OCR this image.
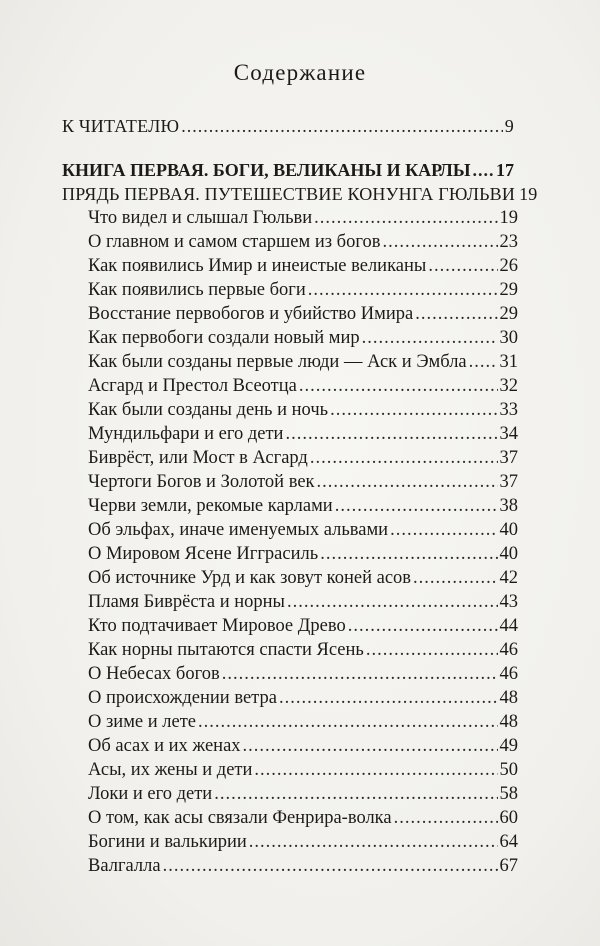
Содержание
К ЧИТАТЕЛЮ .....	9
КНИГА ПЕРВАЯ. БОГИ, ВЕЛИКАНЫ И КАРЛЫ ..... 17
ПРЯДЬ ПЕРВАЯ. ПУТЕШЕСТВИЕ КОНУНГА ГЮЛЬВИ 19
Что видел и слышал Гюльви .....	19
О главном и самом старшем из богов .....	23
Как появились Имир и инеистые великаны .....	26
Как появились первые боги .....	29
Восстание первобогов и убийство Имира .....	29
Как первобоги создали новый мир .....	30
Как были созданы первые люди — Аск и Эмбла ..... 31
Асгард и Престол Всеотца .....	32
Как были созданы день и ночь .....	33
Мундильфари и его дети .....	34
Биврёст, или Мост в Асгард .....	37
Чертоги Богов и Золотой век .....	37
Черви земли, рекомые карлами .....	38
Об эльфах, иначе именуемых альвами .....	40
О Мировом Ясене Игграсиль .....	40
Об источнике Урд и как зовут коней асов .....	42
Пламя Биврёста и норны .....	43
Кто подтачивает Мировое Древо .....	44
Как норны пытаются спасти Ясень .....	46
О Небесах богов .....	46
О происхождении ветра .....	48
О зиме и лете .....	48
Об асах и их женах .....	49
Асы, их жены и дети .....	50
Локи и его дети .....	58
О том, как асы связали Фенрира-волка .....	60
Богини и валькирии .....	64
Валгалла .....	67
